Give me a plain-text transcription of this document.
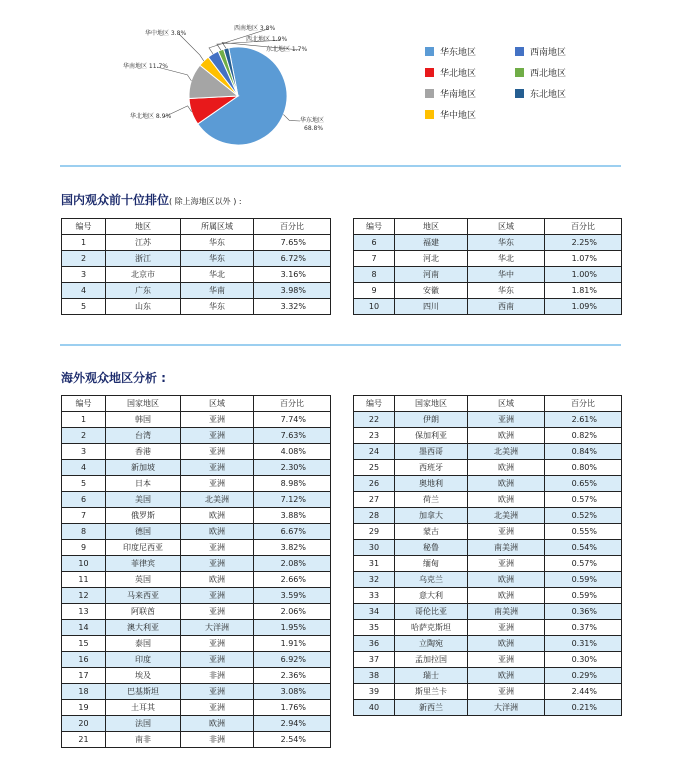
华东地区
68.8%
华北地区 8.9%
华南地区 11.7%
华中地区 3.8%
西南地区 3.8%
西北地区 1.9%
东北地区 1.7%	华东地区
华北地区
华南地区
华中地区
西南地区
西北地区
东北地区
国内观众前十位排位( 除上海地区以外 ) :
编号	地区	所属区域	百分比
1	江苏	华东	7.65%
2	浙江	华东	6.72%
3	北京市	华北	3.16%
4	广东	华南	3.98%
5	山东	华东	3.32%
编号	地区	区域	百分比
6	福建	华东	2.25%
7	河北	华北	1.07%
8	河南	华中	1.00%
9	安徽	华东	1.81%
10	四川	西南	1.09%
海外观众地区分析 :
编号	国家地区	区域	百分比
1	韩国	亚洲	7.74%
2	台湾	亚洲	7.63%
3	香港	亚洲	4.08%
4	新加坡	亚洲	2.30%
5	日本	亚洲	8.98%
6	美国	北美洲	7.12%
7	俄罗斯	欧洲	3.88%
8	德国	欧洲	6.67%
9	印度尼西亚	亚洲	3.82%
10	菲律宾	亚洲	2.08%
11	英国	欧洲	2.66%
12	马来西亚	亚洲	3.59%
13	阿联酋	亚洲	2.06%
14	澳大利亚	大洋洲	1.95%
15	泰国	亚洲	1.91%
16	印度	亚洲	6.92%
17	埃及	非洲	2.36%
18	巴基斯坦	亚洲	3.08%
19	土耳其	亚洲	1.76%
20	法国	欧洲	2.94%
21	南非	非洲	2.54%
编号	国家地区	区域	百分比
22	伊朗	亚洲	2.61%
23	保加利亚	欧洲	0.82%
24	墨西哥	北美洲	0.84%
25	西班牙	欧洲	0.80%
26	奥地利	欧洲	0.65%
27	荷兰	欧洲	0.57%
28	加拿大	北美洲	0.52%
29	蒙古	亚洲	0.55%
30	秘鲁	南美洲	0.54%
31	缅甸	亚洲	0.57%
32	乌克兰	欧洲	0.59%
33	意大利	欧洲	0.59%
34	哥伦比亚	南美洲	0.36%
35	哈萨克斯坦	亚洲	0.37%
36	立陶宛	欧洲	0.31%
37	孟加拉国	亚洲	0.30%
38	瑞士	欧洲	0.29%
39	斯里兰卡	亚洲	2.44%
40	新西兰	大洋洲	0.21%
